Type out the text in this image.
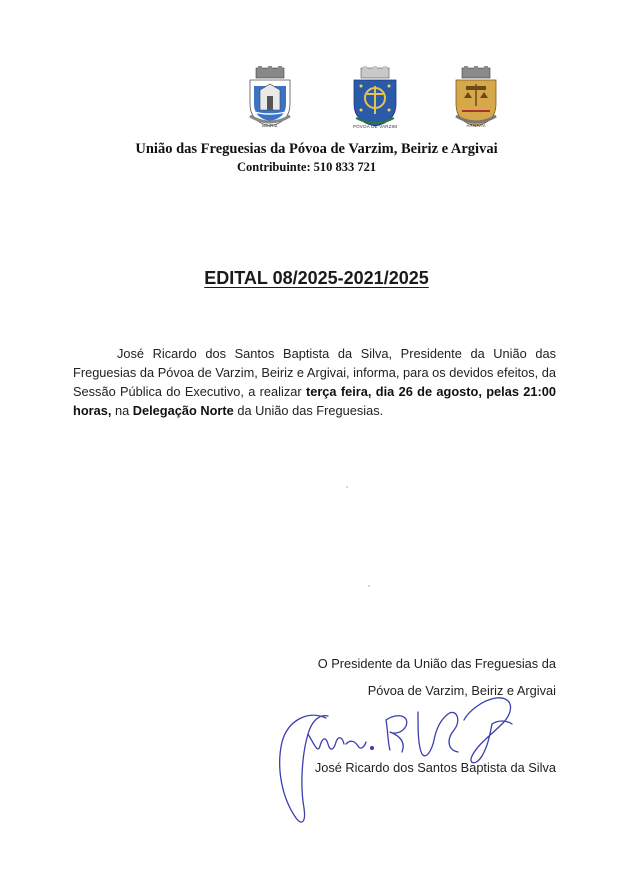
BEIRIZ	PÓVOA DE VARZIM	ARGIVAI
União das Freguesias da Póvoa de Varzim, Beiriz e Argivai
Contribuinte: 510 833 721
EDITAL 08/2025-2021/2025
José Ricardo dos Santos Baptista da Silva, Presidente da União das Freguesias da Póvoa de Varzim, Beiriz e Argivai, informa, para os devidos efeitos, da Sessão Pública do Executivo, a realizar terça feira, dia 26 de agosto, pelas 21:00 horas, na Delegação Norte da União das Freguesias.
O Presidente da União das Freguesias da
Póvoa de Varzim, Beiriz e Argivai
José Ricardo dos Santos Baptista da Silva
